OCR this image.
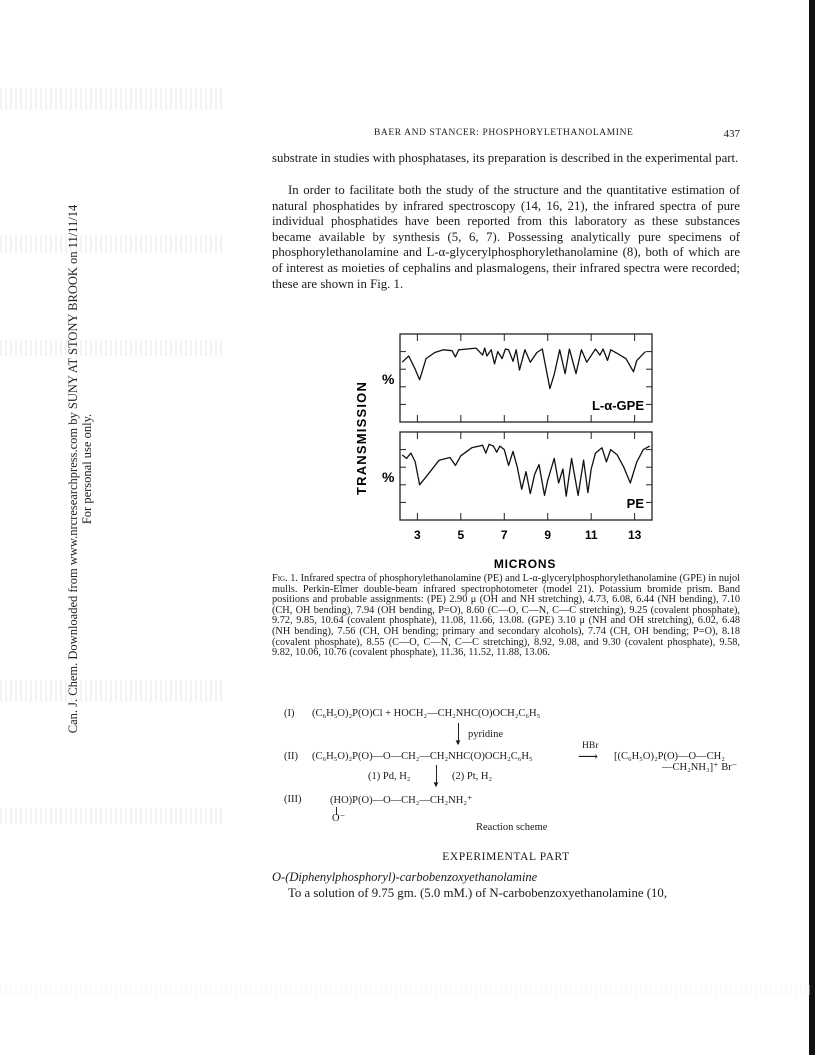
Can. J. Chem. Downloaded from www.nrcresearchpress.com by SUNY AT STONY BROOK on 11/11/14 For personal use only.
BAER AND STANCER: PHOSPHORYLETHANOLAMINE	437

substrate in studies with phosphatases, its preparation is described in the experimental part.

In order to facilitate both the study of the structure and the quantitative estimation of natural phosphatides by infrared spectroscopy (14, 16, 21), the infrared spectra of pure individual phosphatides have been reported from this laboratory as these substances became available by synthesis (5, 6, 7). Possessing analytically pure specimens of phosphorylethanolamine and L-α-glycerylphosphorylethanolamine (8), both of which are of interest as moieties of cephalins and plasmalogens, their infrared spectra were recorded; these are shown in Fig. 1.

TRANSMISSION
MICRONS
%
L-α-GPE
%
PE
3	5	7	9	11	13

Fig. 1. Infrared spectra of phosphorylethanolamine (PE) and L-α-glycerylphosphorylethanolamine (GPE) in nujol mulls. Perkin-Elmer double-beam infrared spectrophotometer (model 21). Potassium bromide prism. Band positions and probable assignments: (PE) 2.90 μ (OH and NH stretching), 4.73, 6.08, 6.44 (NH bending), 7.10 (CH, OH bending), 7.94 (OH bending, P=O), 8.60 (C—O, C—N, C—C stretching), 9.25 (covalent phosphate), 9.72, 9.85, 10.64 (covalent phosphate), 11.08, 11.66, 13.08. (GPE) 3.10 μ (NH and OH stretching), 6.02, 6.48 (NH bending), 7.56 (CH, OH bending; primary and secondary alcohols), 7.74 (CH, OH bending; P=O), 8.18 (covalent phosphate), 8.55 (C—O, C—N, C—C stretching), 8.92, 9.08, and 9.30 (covalent phosphate), 9.58, 9.82, 10.06, 10.76 (covalent phosphate), 11.36, 11.52, 11.88, 13.06.

(I) (C₆H₅O)₂P(O)Cl + HOCH₂—CH₂NHC(O)OCH₂C₆H₅
▼
pyridine
(II) (C₆H₅O)₂P(O)—O—CH₂—CH₂NHC(O)OCH₂C₆H₅
HBr
⟶ [(C₆H₅O)₂P(O)—O—CH₂
—CH₂NH₃]⁺ Br⁻
(1) Pd, H₂
▼
(2) Pt, H₂
(III)	(HO)P(O)—O—CH₂—CH₂NH₂⁺
O⁻
Reaction scheme
EXPERIMENTAL PART
O-(Diphenylphosphoryl)-carbobenzoxyethanolamine
To a solution of 9.75 gm. (5.0 mM.) of N-carbobenzoxyethanolamine (10,
